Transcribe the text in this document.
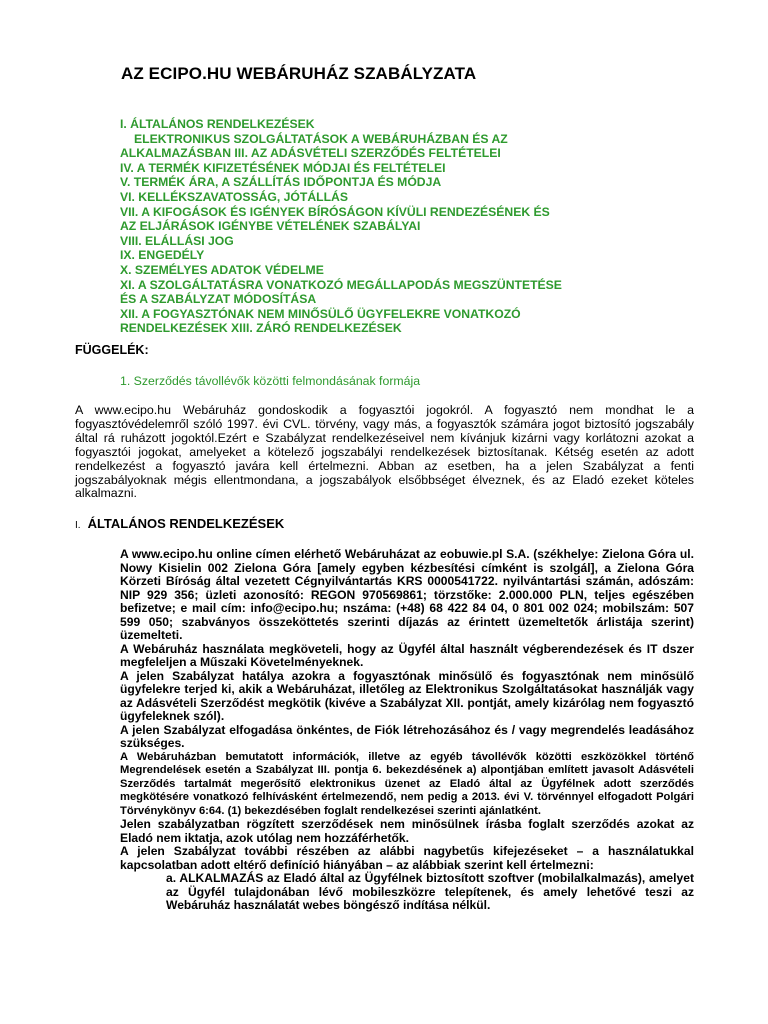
AZ ECIPO.HU WEBÁRUHÁZ SZABÁLYZATA
I. ÁLTALÁNOS RENDELKEZÉSEK
ELEKTRONIKUS SZOLGÁLTATÁSOK A WEBÁRUHÁZBAN ÉS AZ
ALKALMAZÁSBAN III. AZ ADÁSVÉTELI SZERZŐDÉS FELTÉTELEI
IV. A TERMÉK KIFIZETÉSÉNEK MÓDJAI ÉS FELTÉTELEI
V. TERMÉK ÁRA, A SZÁLLÍTÁS IDŐPONTJA ÉS MÓDJA
VI. KELLÉKSZAVATOSSÁG, JÓTÁLLÁS
VII. A KIFOGÁSOK ÉS IGÉNYEK BÍRÓSÁGON KÍVÜLI RENDEZÉSÉNEK ÉS
AZ ELJÁRÁSOK IGÉNYBE VÉTELÉNEK SZABÁLYAI
VIII. ELÁLLÁSI JOG
IX. ENGEDÉLY
X. SZEMÉLYES ADATOK VÉDELME
XI. A SZOLGÁLTATÁSRA VONATKOZÓ MEGÁLLAPODÁS MEGSZÜNTETÉSE
ÉS A SZABÁLYZAT MÓDOSÍTÁSA
XII. A FOGYASZTÓNAK NEM MINŐSÜLŐ ÜGYFELEKRE VONATKOZÓ
RENDELKEZÉSEK XIII. ZÁRÓ RENDELKEZÉSEK

FÜGGELÉK:

1. Szerződés távollévők közötti felmondásának formája

A www.ecipo.hu Webáruház gondoskodik a fogyasztói jogokról. A fogyasztó nem mondhat le a fogyasztóvédelemről szóló 1997. évi CVL. törvény, vagy más, a fogyasztók számára jogot biztosító jogszabály által rá ruházott jogoktól.Ezért e Szabályzat rendelkezéseivel nem kívánjuk kizárni vagy korlátozni azokat a fogyasztói jogokat, amelyeket a kötelező jogszabályi rendelkezések biztosítanak. Kétség esetén az adott rendelkezést a fogyasztó javára kell értelmezni. Abban az esetben, ha a jelen Szabályzat a fenti jogszabályoknak mégis ellentmondana, a jogszabályok elsőbbséget élveznek, és az Eladó ezeket köteles alkalmazni.

I. ÁLTALÁNOS RENDELKEZÉSEK

A www.ecipo.hu online címen elérhető Webáruházat az eobuwie.pl S.A. (székhelye: Zielona Góra ul. Nowy Kisielin 002 Zielona Góra [amely egyben kézbesítési címként is szolgál], a Zielona Góra Körzeti Bíróság által vezetett Cégnyilvántartás KRS 0000541722. nyilvántartási számán, adószám: NIP 929 356; üzleti azonosító: REGON 970569861; törzstőke: 2.000.000 PLN, teljes egészében befizetve; e mail cím: info@ecipo.hu; nszáma: (+48) 68 422 84 04, 0 801 002 024; mobilszám: 507 599 050; szabványos összeköttetés szerinti díjazás az érintett üzemeltetők árlistája szerint) üzemelteti.

A Webáruház használata megköveteli, hogy az Ügyfél által használt végberendezések és IT dszer megfeleljen a Műszaki Követelményeknek.

A jelen Szabályzat hatálya azokra a fogyasztónak minősülő és fogyasztónak nem minősülő ügyfelekre terjed ki, akik a Webáruházat, illetőleg az Elektronikus Szolgáltatásokat használják vagy az Adásvételi Szerződést megkötik (kivéve a Szabályzat XII. pontját, amely kizárólag nem fogyasztó ügyfeleknek szól).

A jelen Szabályzat elfogadása önkéntes, de Fiók létrehozásához és / vagy megrendelés leadásához szükséges.

A Webáruházban bemutatott információk, illetve az egyéb távollévők közötti eszközökkel történő Megrendelések esetén a Szabályzat III. pontja 6. bekezdésének a) alpontjában említett javasolt Adásvételi Szerződés tartalmát megerősítő elektronikus üzenet az Eladó által az Ügyfélnek adott szerződés megkötésére vonatkozó felhívásként értelmezendő, nem pedig a 2013. évi V. törvénnyel elfogadott Polgári Törvénykönyv 6:64. (1) bekezdésében foglalt rendelkezései szerinti ajánlatként.

Jelen szabályzatban rögzített szerződések nem minősülnek írásba foglalt szerződés azokat az Eladó nem iktatja, azok utólag nem hozzáférhetők.

A jelen Szabályzat további részében az alábbi nagybetűs kifejezéseket – a használatukkal kapcsolatban adott eltérő definíció hiányában – az alábbiak szerint kell értelmezni:

a. ALKALMAZÁS az Eladó által az Ügyfélnek biztosított szoftver (mobilalkalmazás), amelyet az Ügyfél tulajdonában lévő mobileszközre telepítenek, és amely lehetővé teszi az Webáruház használatát webes böngésző indítása nélkül.
